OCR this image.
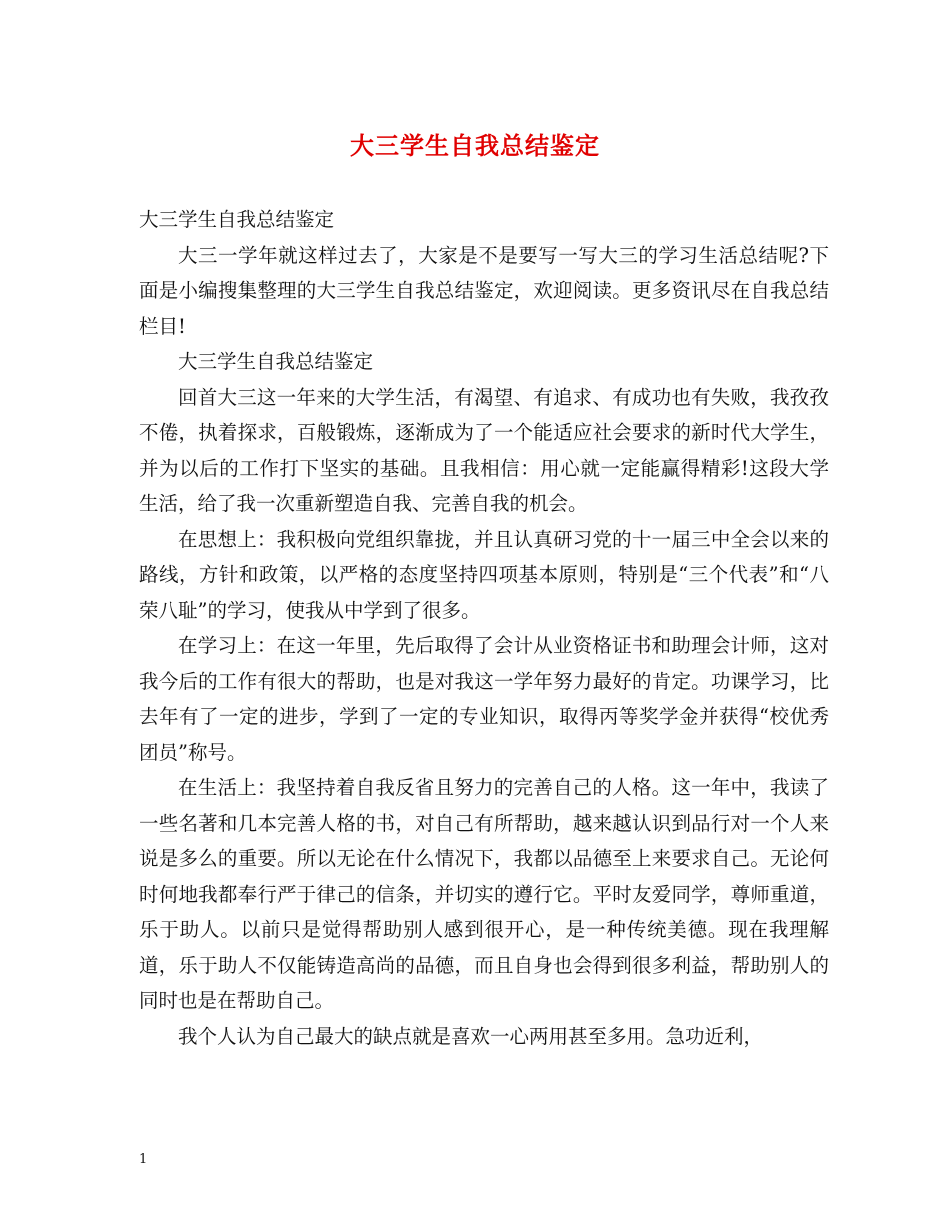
大三学生自我总结鉴定

大三学生自我总结鉴定

大三一学年就这样过去了，大家是不是要写一写大三的学习生活总结呢?下面是小编搜集整理的大三学生自我总结鉴定，欢迎阅读。更多资讯尽在自我总结栏目!

大三学生自我总结鉴定

回首大三这一年来的大学生活，有渴望、有追求、有成功也有失败，我孜孜不倦，执着探求，百般锻炼，逐渐成为了一个能适应社会要求的新时代大学生，并为以后的工作打下坚实的基础。且我相信：用心就一定能赢得精彩!这段大学生活，给了我一次重新塑造自我、完善自我的机会。

在思想上：我积极向党组织靠拢，并且认真研习党的十一届三中全会以来的路线，方针和政策，以严格的态度坚持四项基本原则，特别是“三个代表”和“八荣八耻”的学习，使我从中学到了很多。

在学习上：在这一年里，先后取得了会计从业资格证书和助理会计师，这对我今后的工作有很大的帮助，也是对我这一学年努力最好的肯定。功课学习，比去年有了一定的进步，学到了一定的专业知识，取得丙等奖学金并获得“校优秀团员”称号。

在生活上：我坚持着自我反省且努力的完善自己的人格。这一年中，我读了一些名著和几本完善人格的书，对自己有所帮助，越来越认识到品行对一个人来说是多么的重要。所以无论在什么情况下，我都以品德至上来要求自己。无论何时何地我都奉行严于律己的信条，并切实的遵行它。平时友爱同学，尊师重道，乐于助人。以前只是觉得帮助别人感到很开心，是一种传统美德。现在我理解道，乐于助人不仅能铸造高尚的品德，而且自身也会得到很多利益，帮助别人的同时也是在帮助自己。

我个人认为自己最大的缺点就是喜欢一心两用甚至多用。急功近利，

1
